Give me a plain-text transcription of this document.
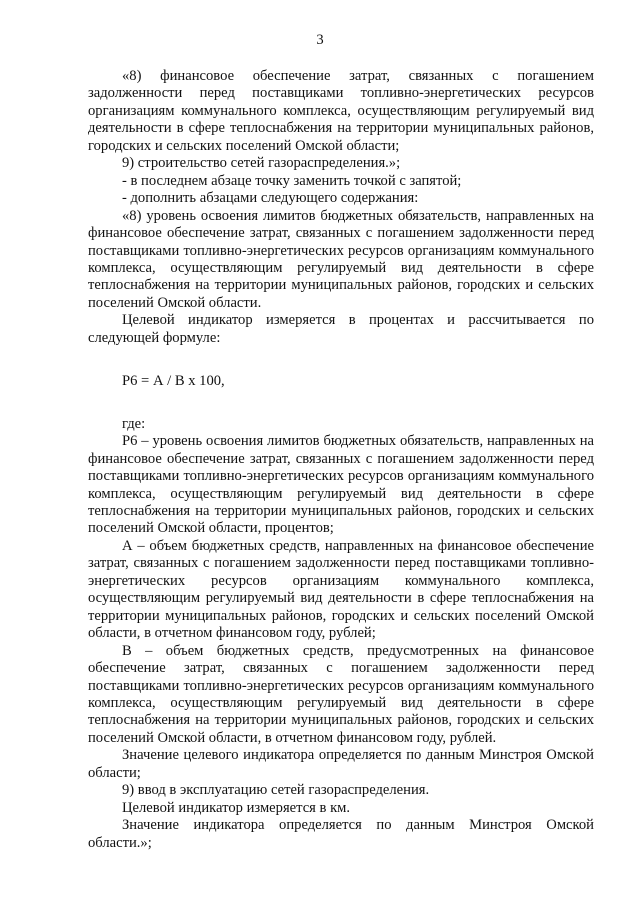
3

«8) финансовое обеспечение затрат, связанных с погашением задолженности перед поставщиками топливно-энергетических ресурсов организациям коммунального комплекса, осуществляющим регулируемый вид деятельности в сфере теплоснабжения на территории муниципальных районов, городских и сельских поселений Омской области;

9) строительство сетей газораспределения.»;

- в последнем абзаце точку заменить точкой с запятой;

- дополнить абзацами следующего содержания:

«8) уровень освоения лимитов бюджетных обязательств, направленных на финансовое обеспечение затрат, связанных с погашением задолженности перед поставщиками топливно-энергетических ресурсов организациям коммунального комплекса, осуществляющим регулируемый вид деятельности в сфере теплоснабжения на территории муниципальных районов, городских и сельских поселений Омской области.

Целевой индикатор измеряется в процентах и рассчитывается по следующей формуле:

Р6 = А / В х 100,

где:

Р6 – уровень освоения лимитов бюджетных обязательств, направленных на финансовое обеспечение затрат, связанных с погашением задолженности перед поставщиками топливно-энергетических ресурсов организациям коммунального комплекса, осуществляющим регулируемый вид деятельности в сфере теплоснабжения на территории муниципальных районов, городских и сельских поселений Омской области, процентов;

А – объем бюджетных средств, направленных на финансовое обеспечение затрат, связанных с погашением задолженности перед поставщиками топливно-энергетических ресурсов организациям коммунального комплекса, осуществляющим регулируемый вид деятельности в сфере теплоснабжения на территории муниципальных районов, городских и сельских поселений Омской области, в отчетном финансовом году, рублей;

В – объем бюджетных средств, предусмотренных на финансовое обеспечение затрат, связанных с погашением задолженности перед поставщиками топливно-энергетических ресурсов организациям коммунального комплекса, осуществляющим регулируемый вид деятельности в сфере теплоснабжения на территории муниципальных районов, городских и сельских поселений Омской области, в отчетном финансовом году, рублей.

Значение целевого индикатора определяется по данным Минстроя Омской области;

9) ввод в эксплуатацию сетей газораспределения.

Целевой индикатор измеряется в км.

Значение индикатора определяется по данным Минстроя Омской области.»;
